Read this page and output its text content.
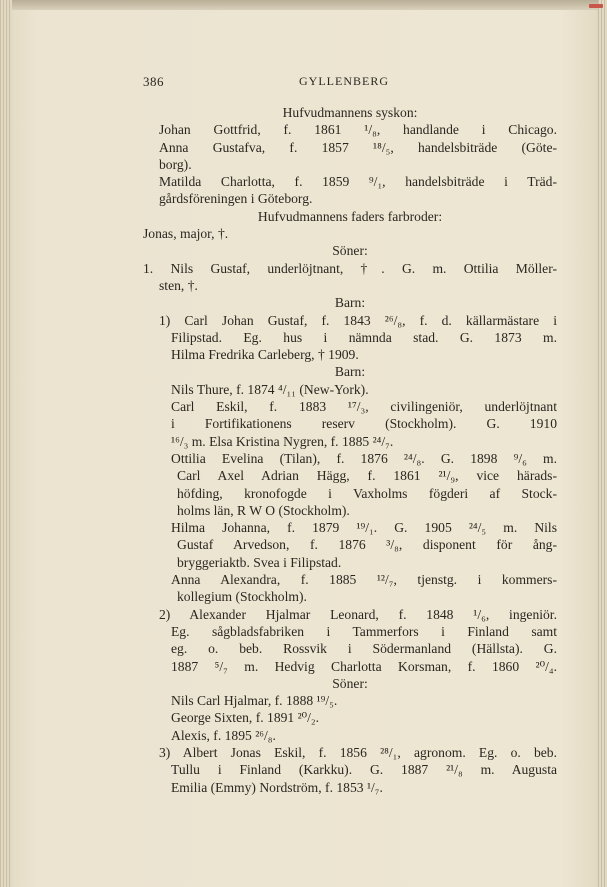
386	GYLLENBERG
Hufvudmannens syskon:
Johan Gottfrid, f. 1861 ¹/₈, handlande i Chicago.
Anna Gustafva, f. 1857 ¹⁸/₅, handelsbiträde (Göte-
borg).
Matilda Charlotta, f. 1859 ⁹/₁, handelsbiträde i Träd-
gårdsföreningen i Göteborg.
Hufvudmannens faders farbroder:
Jonas, major, †.
Söner:
1. Nils Gustaf, underlöjtnant, †. G. m. Ottilia Möller-
sten, †.
Barn:
1) Carl Johan Gustaf, f. 1843 ²⁶/₈, f. d. källarmästare i
Filipstad. Eg. hus i nämnda stad. G. 1873 m.
Hilma Fredrika Carleberg, † 1909.
Barn:
Nils Thure, f. 1874 ⁴/₁₁ (New-York).
Carl Eskil, f. 1883 ¹⁷/₃, civilingeniör, underlöjtnant
i Fortifikationens reserv (Stockholm). G. 1910
¹⁶/₃ m. Elsa Kristina Nygren, f. 1885 ²⁴/₇.
Ottilia Evelina (Tilan), f. 1876 ²⁴/₈. G. 1898 ⁹/₆ m.
Carl Axel Adrian Hägg, f. 1861 ²¹/₉, vice härads-
höfding, kronofogde i Vaxholms fögderi af Stock-
holms län, R W O (Stockholm).
Hilma Johanna, f. 1879 ¹⁹/₁. G. 1905 ²⁴/₅ m. Nils
Gustaf Arvedson, f. 1876 ³/₈, disponent för ång-
bryggeriaktb. Svea i Filipstad.
Anna Alexandra, f. 1885 ¹²/₇, tjenstg. i kommers-
kollegium (Stockholm).
2) Alexander Hjalmar Leonard, f. 1848 ¹/₆, ingeniör.
Eg. sågbladsfabriken i Tammerfors i Finland samt
eg. o. beb. Rossvik i Södermanland (Hällsta). G.
1887 ⁵/₇ m. Hedvig Charlotta Korsman, f. 1860 ²⁰/₄.
Söner:
Nils Carl Hjalmar, f. 1888 ¹⁹/₅.
George Sixten, f. 1891 ²⁰/₂.
Alexis, f. 1895 ²⁶/₈.
3) Albert Jonas Eskil, f. 1856 ²⁸/₁, agronom. Eg. o. beb.
Tullu i Finland (Karkku). G. 1887 ²¹/₈ m. Augusta
Emilia (Emmy) Nordström, f. 1853 ¹/₇.
